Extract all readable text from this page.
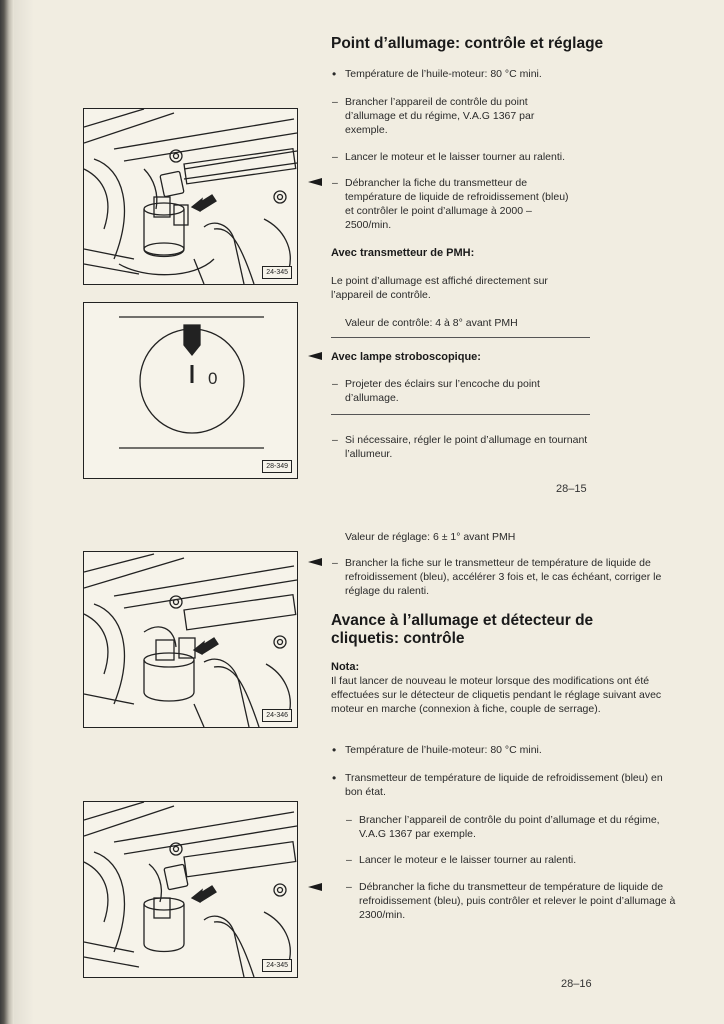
Point d’allumage: contrôle et réglage
• Température de l’huile-moteur: 80 °C mini.
– Brancher l’appareil de contrôle du point d’allumage et du régime, V.A.G 1367 par exemple.
– Lancer le moteur et le laisser tourner au ralenti.
– Débrancher la fiche du transmetteur de température de liquide de refroidissement (bleu) et contrôler le point d’allumage à 2000 – 2500/min.
Avec transmetteur de PMH:
Le point d’allumage est affiché directement sur l’appareil de contrôle.
Valeur de contrôle: 4 à 8° avant PMH
Avec lampe stroboscopique:
– Projeter des éclairs sur l’encoche du point d’allumage.
– Si nécessaire, régler le point d’allumage en tournant l’allumeur.
28–15
Valeur de réglage: 6 ± 1° avant PMH
– Brancher la fiche sur le transmetteur de température de liquide de refroidissement (bleu), accélérer 3 fois et, le cas échéant, corriger le réglage du ralenti.
Avance à l’allumage et détecteur de
cliquetis: contrôle
Nota:
Il faut lancer de nouveau le moteur lorsque des modifications ont été effectuées sur le détecteur de cliquetis pendant le réglage suivant avec moteur en marche (connexion à fiche, couple de serrage).
• Température de l’huile-moteur: 80 °C mini.
• Transmetteur de température de liquide de refroidissement (bleu) en bon état.
– Brancher l’appareil de contrôle du point d’allumage et du régime, V.A.G 1367 par exemple.
– Lancer le moteur e le laisser tourner au ralenti.
– Débrancher la fiche du transmetteur de température de liquide de refroidissement (bleu), puis contrôler et relever le point d’allumage à 2300/min.
28–16
24-345
0
28-349
24-346
24-345
